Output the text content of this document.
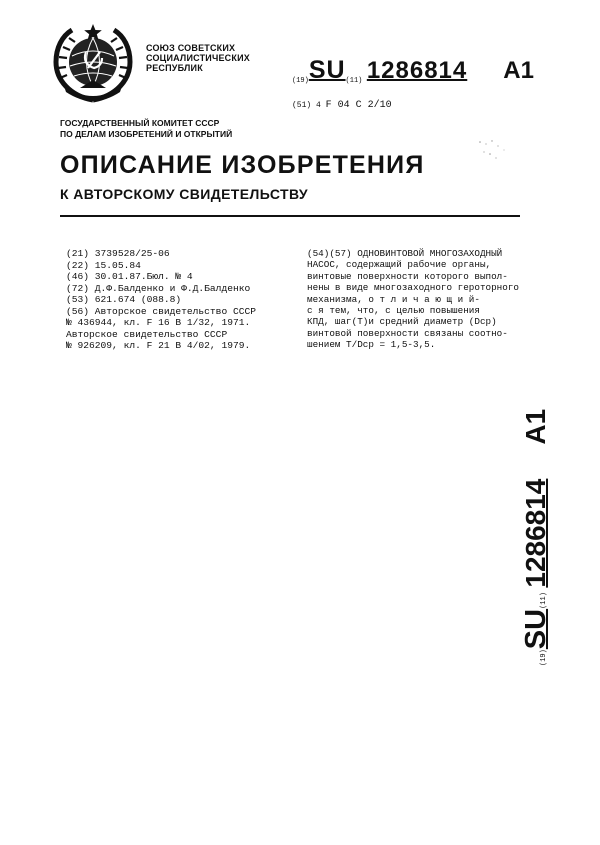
СОЮЗ СОВЕТСКИХ
СОЦИАЛИСТИЧЕСКИХ
РЕСПУБЛИК
(19)SU(11) 1286814 A1
(51) 4 F 04 C 2/10
ГОСУДАРСТВЕННЫЙ КОМИТЕТ СССР
ПО ДЕЛАМ ИЗОБРЕТЕНИЙ И ОТКРЫТИЙ
ОПИСАНИЕ ИЗОБРЕТЕНИЯ
К АВТОРСКОМУ СВИДЕТЕЛЬСТВУ
(21) 3739528/25-06
(22) 15.05.84
(46) 30.01.87.Бюл. № 4
(72) Д.Ф.Балденко и Ф.Д.Балденко
(53) 621.674 (088.8)
(56) Авторское свидетельство СССР
№ 436944, кл. F 16 В 1/32, 1971.
Авторское свидетельство СССР
№ 926209, кл. F 21 В 4/02, 1979.
(54)(57) ОДНОВИНТОВОЙ МНОГОЗАХОДНЫЙ
НАСОС, содержащий рабочие органы,
винтовые поверхности которого выпол-
нены в виде многозаходного героторного
механизма, о т л и ч а ю щ и й-
с я тем, что, с целью повышения
КПД, шаг(Т)и средний диаметр (Dср)
винтовой поверхности связаны соотно-
шением Т/Dср = 1,5-3,5.
(19)SU(11) 1286814A1
